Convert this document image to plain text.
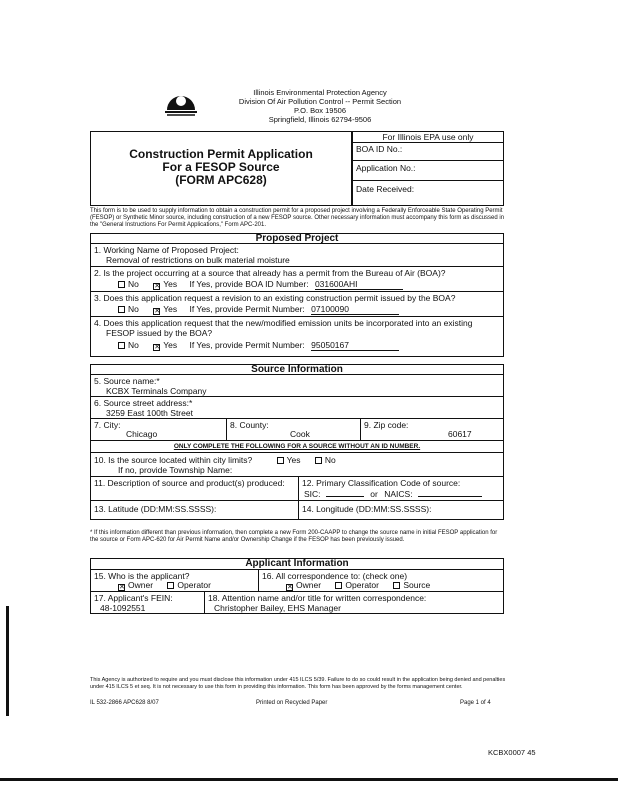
Illinois Environmental Protection Agency
Division Of Air Pollution Control -- Permit Section
P.O. Box 19506
Springfield, Illinois 62794-9506
Construction Permit Application
For a FESOP Source
(FORM APC628)
For Illinois EPA use only
BOA ID No.:
Application No.:
Date Received:
This form is to be used to supply information to obtain a construction permit for a proposed project involving a Federally Enforceable State Operating Permit (FESOP) or Synthetic Minor source, including construction of a new FESOP source. Other necessary information must accompany this form as discussed in the "General Instructions For Permit Applications," Form APC-201.
Proposed Project
1. Working Name of Proposed Project:
Removal of restrictions on bulk material moisture
2. Is the project occurring at a source that already has a permit from the Bureau of Air (BOA)?
No ✕ Yes If Yes, provide BOA ID Number: 031600AHI
3. Does this application request a revision to an existing construction permit issued by the BOA?
No ✕ Yes If Yes, provide Permit Number: 07100090
4. Does this application request that the new/modified emission units be incorporated into an existing
FESOP issued by the BOA?
No ✕ Yes If Yes, provide Permit Number: 95050167
Source Information
5. Source name:*
KCBX Terminals Company
6. Source street address:*
3259 East 100th Street
7. City:
Chicago
8. County:
Cook
9. Zip code:
60617
ONLY COMPLETE THE FOLLOWING FOR A SOURCE WITHOUT AN ID NUMBER.
10. Is the source located within city limits?	Yes	No
If no, provide Township Name:
11. Description of source and product(s) produced: 12. Primary Classification Code of source:
SIC:	or NAICS:
13. Latitude (DD:MM:SS.SSSS):	14. Longitude (DD:MM:SS.SSSS):
* If this information different than previous information, then complete a new Form 200-CAAPP to change the source name in initial FESOP application for the source or Form APC-620 for Air Permit Name and/or Ownership Change if the FESOP has been previously issued.
Applicant Information
15. Who is the applicant?
✕ Owner	Operator
16. All correspondence to: (check one)
✕ Owner	Operator	Source
17. Applicant's FEIN:
48-1092551
18. Attention name and/or title for written correspondence:
Christopher Bailey, EHS Manager
This Agency is authorized to require and you must disclose this information under 415 ILCS 5/39. Failure to do so could result in the application being denied and penalties under 415 ILCS 5 et seq. It is not necessary to use this form in providing this information. This form has been approved by the forms management center.
IL 532-2866 APC628 8/07	Printed on Recycled Paper	Page 1 of 4
KCBX0007 45
